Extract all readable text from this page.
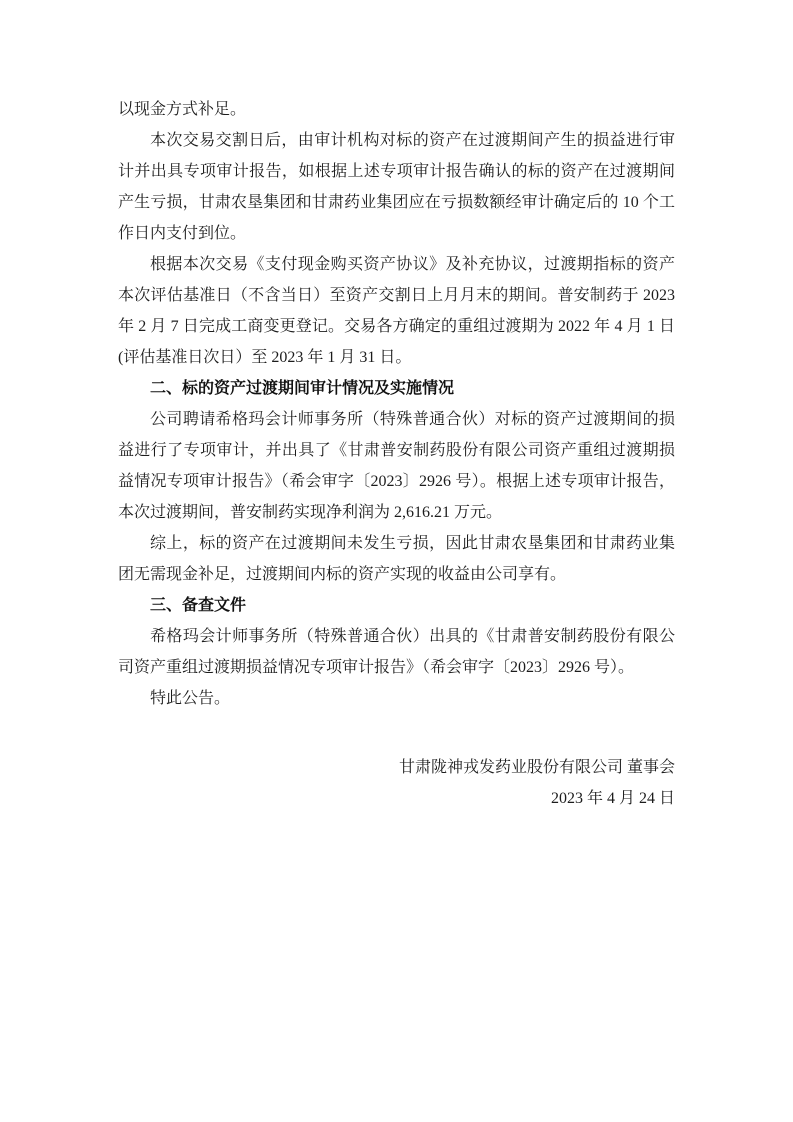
以现金方式补足。

本次交易交割日后，由审计机构对标的资产在过渡期间产生的损益进行审计并出具专项审计报告，如根据上述专项审计报告确认的标的资产在过渡期间产生亏损，甘肃农垦集团和甘肃药业集团应在亏损数额经审计确定后的 10 个工作日内支付到位。

根据本次交易《支付现金购买资产协议》及补充协议，过渡期指标的资产本次评估基准日（不含当日）至资产交割日上月月末的期间。普安制药于 2023 年 2 月 7 日完成工商变更登记。交易各方确定的重组过渡期为 2022 年 4 月 1 日(评估基准日次日）至 2023 年 1 月 31 日。

二、标的资产过渡期间审计情况及实施情况

公司聘请希格玛会计师事务所（特殊普通合伙）对标的资产过渡期间的损益进行了专项审计，并出具了《甘肃普安制药股份有限公司资产重组过渡期损益情况专项审计报告》（希会审字〔2023〕2926 号）。根据上述专项审计报告，本次过渡期间，普安制药实现净利润为 2,616.21 万元。

综上，标的资产在过渡期间未发生亏损，因此甘肃农垦集团和甘肃药业集团无需现金补足，过渡期间内标的资产实现的收益由公司享有。

三、备查文件

希格玛会计师事务所（特殊普通合伙）出具的《甘肃普安制药股份有限公司资产重组过渡期损益情况专项审计报告》（希会审字〔2023〕2926 号）。

特此公告。

甘肃陇神戎发药业股份有限公司 董事会

2023 年 4 月 24 日
